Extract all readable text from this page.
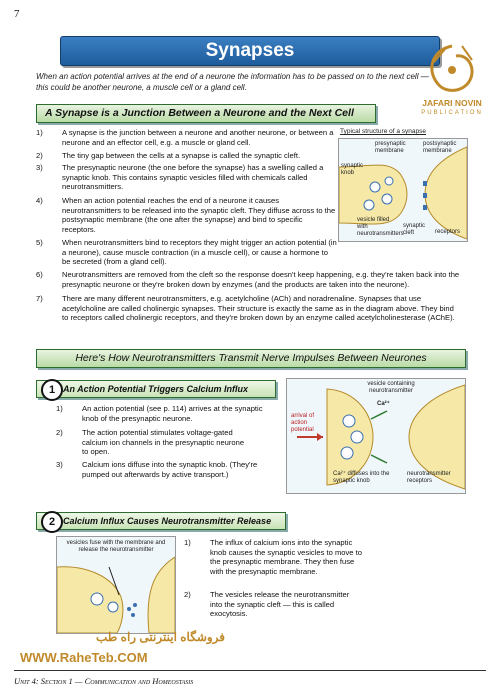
7
Synapses
JAFARI NOVIN
PUBLICATION
When an action potential arrives at the end of a neurone the information has to be passed on to the next cell — this could be another neurone, a muscle cell or a gland cell.
A Synapse is a Junction Between a Neurone and the Next Cell
1)	A synapse is the junction between a neurone and another neurone, or between a neurone and an effector cell, e.g. a muscle or gland cell.
2)	The tiny gap between the cells at a synapse is called the synaptic cleft.
3)	The presynaptic neurone (the one before the synapse) has a swelling called a synaptic knob. This contains synaptic vesicles filled with chemicals called neurotransmitters.
4)	When an action potential reaches the end of a neurone it causes neurotransmitters to be released into the synaptic cleft. They diffuse across to the postsynaptic membrane (the one after the synapse) and bind to specific receptors.
5)	When neurotransmitters bind to receptors they might trigger an action potential (in a neurone), cause muscle contraction (in a muscle cell), or cause a hormone to be secreted (from a gland cell).
6)	Neurotransmitters are removed from the cleft so the response doesn't keep happening, e.g. they're taken back into the presynaptic neurone or they're broken down by enzymes (and the products are taken into the neurone).
7)	There are many different neurotransmitters, e.g. acetylcholine (ACh) and noradrenaline. Synapses that use acetylcholine are called cholinergic synapses. Their structure is exactly the same as in the diagram above. They bind to receptors called cholinergic receptors, and they're broken down by an enzyme called acetylcholinesterase (AChE).
Typical structure of a synapse
presynaptic membrane
postsynaptic membrane
synaptic knob
vesicle filled with neurotransmitters
synaptic cleft	receptors
Here's How Neurotransmitters Transmit Nerve Impulses Between Neurones
1 An Action Potential Triggers Calcium Influx
1)	An action potential (see p. 114) arrives at the synaptic knob of the presynaptic neurone.
2)	The action potential stimulates voltage-gated calcium ion channels in the presynaptic neurone to open.
3)	Calcium ions diffuse into the synaptic knob. (They're pumped out afterwards by active transport.)
vesicle containing neurotransmitter
arrival of action potential
Ca²⁺
Ca²⁺ diffuses into the synaptic knob
neurotransmitter receptors
2 Calcium Influx Causes Neurotransmitter Release
vesicles fuse with the membrane and release the neurotransmitter
1)	The influx of calcium ions into the synaptic knob causes the synaptic vesicles to move to the presynaptic membrane. They then fuse with the presynaptic membrane.
2)	The vesicles release the neurotransmitter into the synaptic cleft — this is called exocytosis.
فروشگاه اینترنتی راه طب
WWW.RaheTeb.COM
Unit 4: Section 1 — Communication and Homeostasis
